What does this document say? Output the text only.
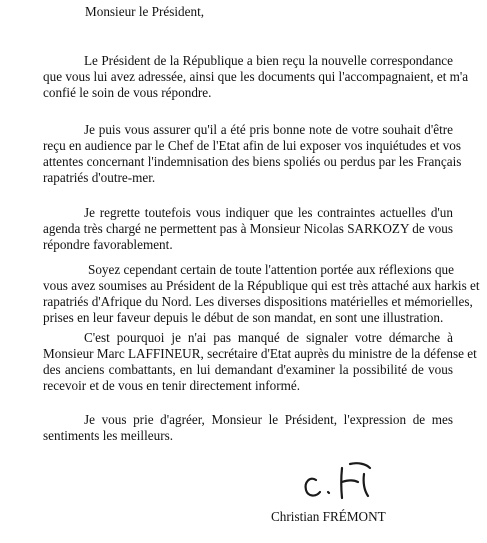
Monsieur le Président,
Le Président de la République a bien reçu la nouvelle correspondance
que vous lui avez adressée, ainsi que les documents qui l'accompagnaient, et m'a
confié le soin de vous répondre.
Je puis vous assurer qu'il a été pris bonne note de votre souhait d'être
reçu en audience par le Chef de l'Etat afin de lui exposer vos inquiétudes et vos
attentes concernant l'indemnisation des biens spoliés ou perdus par les Français
rapatriés d'outre-mer.
Je regrette toutefois vous indiquer que les contraintes actuelles d'un
agenda très chargé ne permettent pas à Monsieur Nicolas SARKOZY de vous
répondre favorablement.
Soyez cependant certain de toute l'attention portée aux réflexions que
vous avez soumises au Président de la République qui est très attaché aux harkis et
rapatriés d'Afrique du Nord. Les diverses dispositions matérielles et mémorielles,
prises en leur faveur depuis le début de son mandat, en sont une illustration.
C'est pourquoi je n'ai pas manqué de signaler votre démarche à
Monsieur Marc LAFFINEUR, secrétaire d'Etat auprès du ministre de la défense et
des anciens combattants, en lui demandant d'examiner la possibilité de vous
recevoir et de vous en tenir directement informé.
Je vous prie d'agréer, Monsieur le Président, l'expression de mes
sentiments les meilleurs.
Christian FRÉMONT
